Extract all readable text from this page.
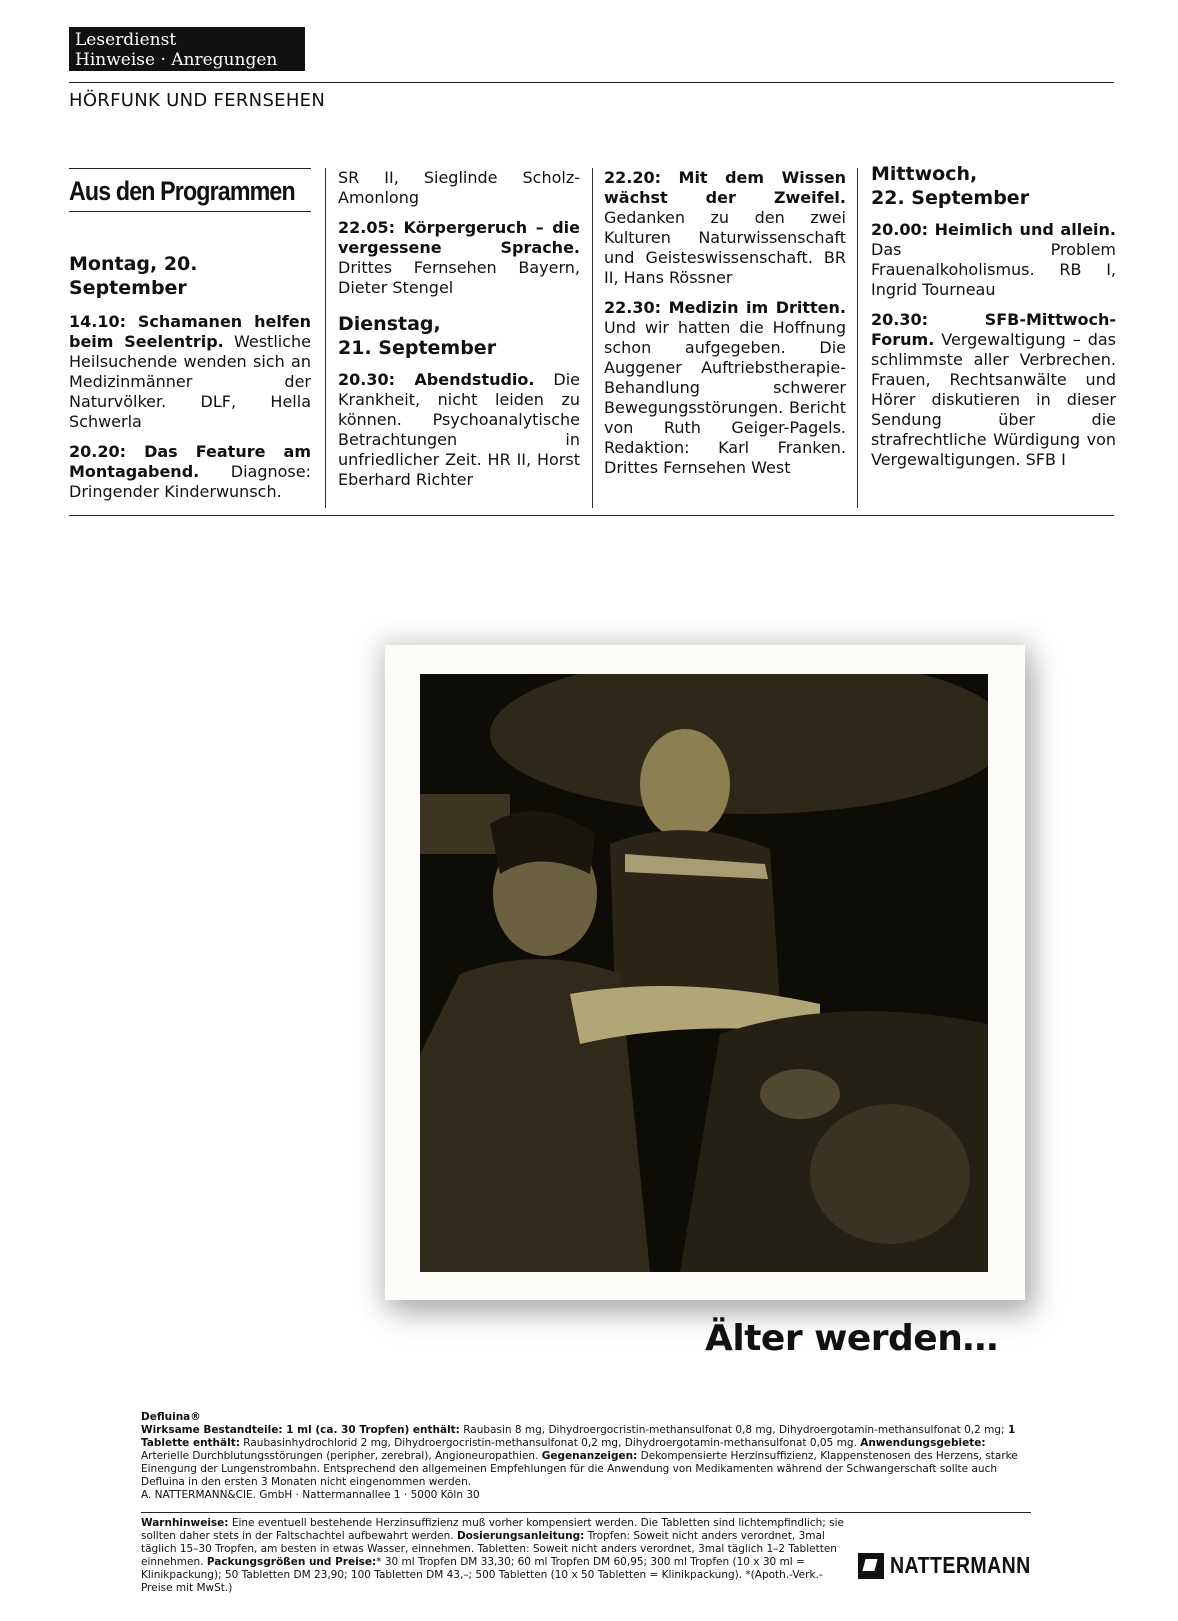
Leserdienst
Hinweise · Anregungen
HÖRFUNK UND FERNSEHEN
Aus den Programmen
Montag, 20. September

14.10: Schamanen helfen beim Seelentrip. Westliche Heilsuchende wenden sich an Medizinmänner der Naturvölker. DLF, Hella Schwerla

20.20: Das Feature am Montagabend. Diagnose: Dringender Kinderwunsch.

SR II, Sieglinde Scholz-Amonlong

22.05: Körpergeruch – die vergessene Sprache. Drittes Fernsehen Bayern, Dieter Stengel

Dienstag,
21. September

20.30: Abendstudio. Die Krankheit, nicht leiden zu können. Psychoanalytische Betrachtungen in unfriedlicher Zeit. HR II, Horst Eberhard Richter

22.20: Mit dem Wissen wächst der Zweifel. Gedanken zu den zwei Kulturen Naturwissenschaft und Geisteswissenschaft. BR II, Hans Rössner

22.30: Medizin im Dritten. Und wir hatten die Hoffnung schon aufgegeben. Die Auggener Auftriebstherapie-Behandlung schwerer Bewegungsstörungen. Bericht von Ruth Geiger-Pagels. Redaktion: Karl Franken. Drittes Fernsehen West

Mittwoch,
22. September

20.00: Heimlich und allein. Das Problem Frauenalkoholismus. RB I, Ingrid Tourneau

20.30: SFB-Mittwoch-Forum. Vergewaltigung – das schlimmste aller Verbrechen. Frauen, Rechtsanwälte und Hörer diskutieren in dieser Sendung über die strafrechtliche Würdigung von Vergewaltigungen. SFB I

Älter werden…

Defluina®

Wirksame Bestandteile: 1 ml (ca. 30 Tropfen) enthält: Raubasin 8 mg, Dihydroergocristin-methansulfonat 0,8 mg, Dihydroergotamin-methansulfonat 0,2 mg; 1 Tablette enthält: Raubasinhydrochlorid 2 mg, Dihydroergocristin-methansulfonat 0,2 mg, Dihydroergotamin-methansulfonat 0,05 mg. Anwendungsgebiete: Arterielle Durchblutungsstörungen (peripher, zerebral), Angioneuropathien. Gegenanzeigen: Dekompensierte Herzinsuffizienz, Klappenstenosen des Herzens, starke Einengung der Lungenstrombahn. Entsprechend den allgemeinen Empfehlungen für die Anwendung von Medikamenten während der Schwangerschaft sollte auch Defluina in den ersten 3 Monaten nicht eingenommen werden.

A. NATTERMANN&CIE. GmbH · Nattermannallee 1 · 5000 Köln 30

Warnhinweise: Eine eventuell bestehende Herzinsuffizienz muß vorher kompensiert werden. Die Tabletten sind lichtempfindlich; sie sollten daher stets in der Faltschachtel aufbewahrt werden. Dosierungsanleitung: Tropfen: Soweit nicht anders verordnet, 3mal täglich 15–30 Tropfen, am besten in etwas Wasser, einnehmen. Tabletten: Soweit nicht anders verordnet, 3mal täglich 1–2 Tabletten einnehmen. Packungsgrößen und Preise:* 30 ml Tropfen DM 33,30; 60 ml Tropfen DM 60,95; 300 ml Tropfen (10 x 30 ml = Klinikpackung); 50 Tabletten DM 23,90; 100 Tabletten DM 43,–; 500 Tabletten (10 x 50 Tabletten = Klinikpackung). *(Apoth.-Verk.-Preise mit MwSt.)

NATTERMANN
